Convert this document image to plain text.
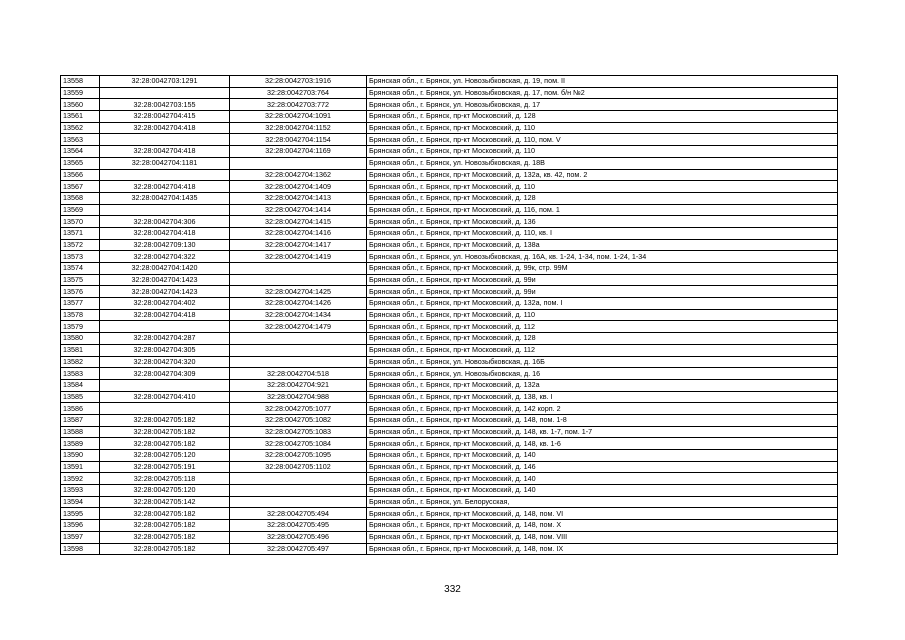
13558	32:28:0042703:1291	32:28:0042703:1916	Брянская обл., г. Брянск, ул. Новозыбковская, д. 19, пом. II
13559		32:28:0042703:764	Брянская обл., г. Брянск, ул. Новозыбковская, д. 17, пом. б/н №2
13560	32:28:0042703:155	32:28:0042703:772	Брянская обл., г. Брянск, ул. Новозыбковская, д. 17
13561	32:28:0042704:415	32:28:0042704:1091	Брянская обл., г. Брянск, пр-кт Московский, д. 128
13562	32:28:0042704:418	32:28:0042704:1152	Брянская обл., г. Брянск, пр-кт Московский, д. 110
13563		32:28:0042704:1154	Брянская обл., г. Брянск, пр-кт Московский, д. 110, пом. V
13564	32:28:0042704:418	32:28:0042704:1169	Брянская обл., г. Брянск, пр-кт Московский, д. 110
13565	32:28:0042704:1181		Брянская обл., г. Брянск, ул. Новозыбковская, д. 18В
13566		32:28:0042704:1362	Брянская обл., г. Брянск, пр-кт Московский, д. 132а, кв. 42, пом. 2
13567	32:28:0042704:418	32:28:0042704:1409	Брянская обл., г. Брянск, пр-кт Московский, д. 110
13568	32:28:0042704:1435	32:28:0042704:1413	Брянская обл., г. Брянск, пр-кт Московский, д. 128
13569		32:28:0042704:1414	Брянская обл., г. Брянск, пр-кт Московский, д. 116, пом. 1
13570	32:28:0042704:306	32:28:0042704:1415	Брянская обл., г. Брянск, пр-кт Московский, д. 136
13571	32:28:0042704:418	32:28:0042704:1416	Брянская обл., г. Брянск, пр-кт Московский, д. 110, кв. I
13572	32:28:0042709:130	32:28:0042704:1417	Брянская обл., г. Брянск, пр-кт Московский, д. 138а
13573	32:28:0042704:322	32:28:0042704:1419	Брянская обл., г. Брянск, ул. Новозыбковская, д. 16А, кв. 1-24, 1-34, пом. 1-24, 1-34
13574	32:28:0042704:1420		Брянская обл., г. Брянск, пр-кт Московский, д. 99к, стр. 99М
13575	32:28:0042704:1423		Брянская обл., г. Брянск, пр-кт Московский, д. 99и
13576	32:28:0042704:1423	32:28:0042704:1425	Брянская обл., г. Брянск, пр-кт Московский, д. 99и
13577	32:28:0042704:402	32:28:0042704:1426	Брянская обл., г. Брянск, пр-кт Московский, д. 132а, пом. I
13578	32:28:0042704:418	32:28:0042704:1434	Брянская обл., г. Брянск, пр-кт Московский, д. 110
13579		32:28:0042704:1479	Брянская обл., г. Брянск, пр-кт Московский, д. 112
13580	32:28:0042704:287		Брянская обл., г. Брянск, пр-кт Московский, д. 128
13581	32:28:0042704:305		Брянская обл., г. Брянск, пр-кт Московский, д. 112
13582	32:28:0042704:320		Брянская обл., г. Брянск, ул. Новозыбковская, д. 16Б
13583	32:28:0042704:309	32:28:0042704:518	Брянская обл., г. Брянск, ул. Новозыбковская, д. 16
13584		32:28:0042704:921	Брянская обл., г. Брянск, пр-кт Московский, д. 132а
13585	32:28:0042704:410	32:28:0042704:988	Брянская обл., г. Брянск, пр-кт Московский, д. 138, кв. I
13586		32:28:0042705:1077	Брянская обл., г. Брянск, пр-кт Московский, д. 142 корп. 2
13587	32:28:0042705:182	32:28:0042705:1082	Брянская обл., г. Брянск, пр-кт Московский, д. 148, пом. 1-8
13588	32:28:0042705:182	32:28:0042705:1083	Брянская обл., г. Брянск, пр-кт Московский, д. 148, кв. 1-7, пом. 1-7
13589	32:28:0042705:182	32:28:0042705:1084	Брянская обл., г. Брянск, пр-кт Московский, д. 148, кв. 1-6
13590	32:28:0042705:120	32:28:0042705:1095	Брянская обл., г. Брянск, пр-кт Московский, д. 140
13591	32:28:0042705:191	32:28:0042705:1102	Брянская обл., г. Брянск, пр-кт Московский, д. 146
13592	32:28:0042705:118		Брянская обл., г. Брянск, пр-кт Московский, д. 140
13593	32:28:0042705:120		Брянская обл., г. Брянск, пр-кт Московский, д. 140
13594	32:28:0042705:142		Брянская обл., г. Брянск, ул. Белорусская,
13595	32:28:0042705:182	32:28:0042705:494	Брянская обл., г. Брянск, пр-кт Московский, д. 148, пом. VI
13596	32:28:0042705:182	32:28:0042705:495	Брянская обл., г. Брянск, пр-кт Московский, д. 148, пом. X
13597	32:28:0042705:182	32:28:0042705:496	Брянская обл., г. Брянск, пр-кт Московский, д. 148, пом. VIII
13598	32:28:0042705:182	32:28:0042705:497	Брянская обл., г. Брянск, пр-кт Московский, д. 148, пом. IX
332
